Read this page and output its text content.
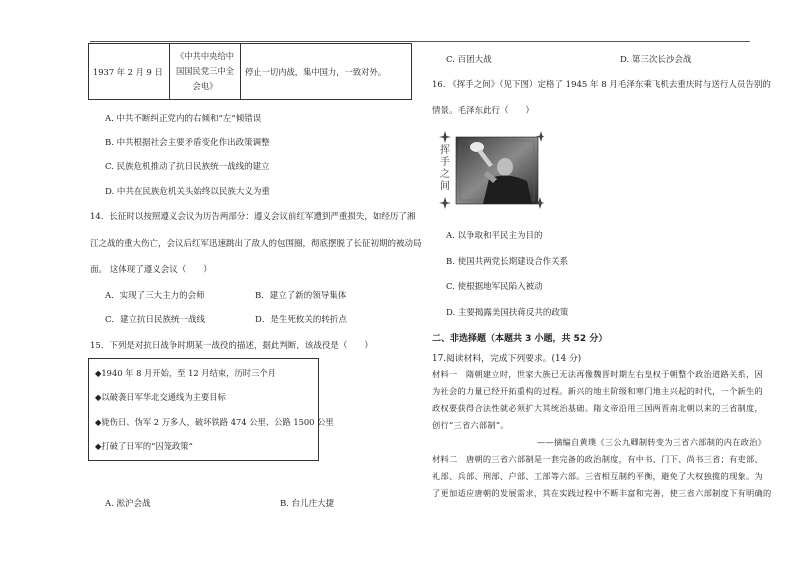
1937 年 2 月 9 日	
《中共中央给中
国国民党三中全
会电》
	停止一切内战，集中国力，一致对外。
A. 中共不断纠正党内的右倾和“左”倾错误
B. 中共根据社会主要矛盾变化作出政策调整
C. 民族危机推动了抗日民族统一战线的建立
D. 中共在民族危机关头始终以民族大义为重
14．长征时以按照遵义会议为历告两部分：遵义会议前红军遭到严重损失，如经历了湘
江之战的重大伤亡，会议后红军迅速跳出了敌人的包围圈，彻底摆脱了长征初期的被动局
面。 这体现了遵义会议（　　）
A．实现了三大主力的会师	B．建立了新的领导集体
C．建立抗日民族统一战线	D．是生死攸关的转折点
15．下列是对抗日战争时期某一战役的描述，据此判断，该战役是（　　）
◆1940 年 8 月开始，至 12 月结束，历时三个月
◆以破袭日军华北交通线为主要目标
◆毙伤日、伪军 2 万多人，破坏铁路 474 公里、公路 1500 公里
◆打破了日军的“囚笼政策”
A. 淞沪会战	B. 台儿庄大捷
C. 百团大战	D. 第三次长沙会战
16. 《挥手之间》（见下图）定格了 1945 年 8 月毛泽东乘飞机去重庆时与送行人员告别的
情景。毛泽东此行（　　）
挥手之间
A. 以争取和平民主为目的
B. 使国共两党长期建设合作关系
C. 使根据地军民陷入被动
D. 主要揭露美国扶蒋反共的政策
二、非选择题（本题共 3 小题，共 52 分）
17.阅读材料，完成下列要求。(14 分)
材料一　隋朝建立时，世家大族已无法再像魏晋时期左右皇权于朝整个政治道路关系，因
为社会的力量已经开拓重构的过程。新兴的地主阶级和寒门地主兴起的时代，一个新生的
政权要获得合法性就必须扩大其统治基础。隋文帝沿用三国两晋南北朝以来的三省制度，
创行“三省六部制”。
——摘编自黄璞《三公九卿制转变为三省六部制的内在政治》
材料二　唐朝的三省六部制是一套完备的政治制度，有中书、门下、尚书三省；有吏部、
礼部、兵部、刑部、户部、工部等六部。三省相互制约平衡，避免了大权独揽的现象。为
了更加适应唐朝的发展需求，其在实践过程中不断丰富和完善，使三省六部制度下有明确的
